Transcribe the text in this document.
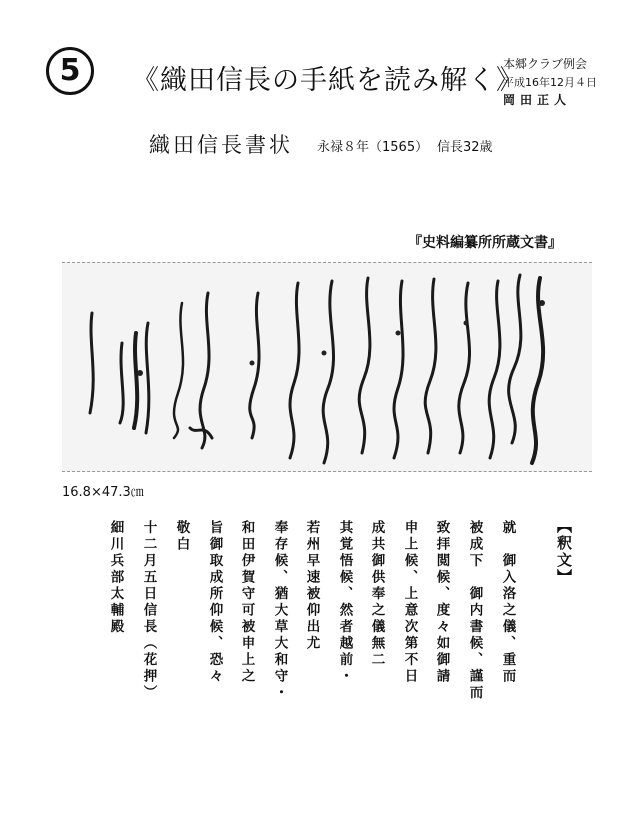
5 《織田信長の手紙を読み解く》
本郷クラブ例会
平成16年12月４日
岡田正人
織田信長書状 永禄８年（1565） 信長32歳
『史料編纂所所蔵文書』
16.8×47.3㎝
【釈文】
就　御入洛之儀、重而
被成下　御内書候、謹而
致拝閲候、度々如御請
申上候、上意次第不日
成共御供奉之儀無二
其覚悟候、然者越前・
若州早速被仰出尤
奉存候、猶大草大和守・
和田伊賀守可被申上之
旨御取成所仰候、恐々
敬白
十二月五日信長（花押）
細川兵部太輔殿
